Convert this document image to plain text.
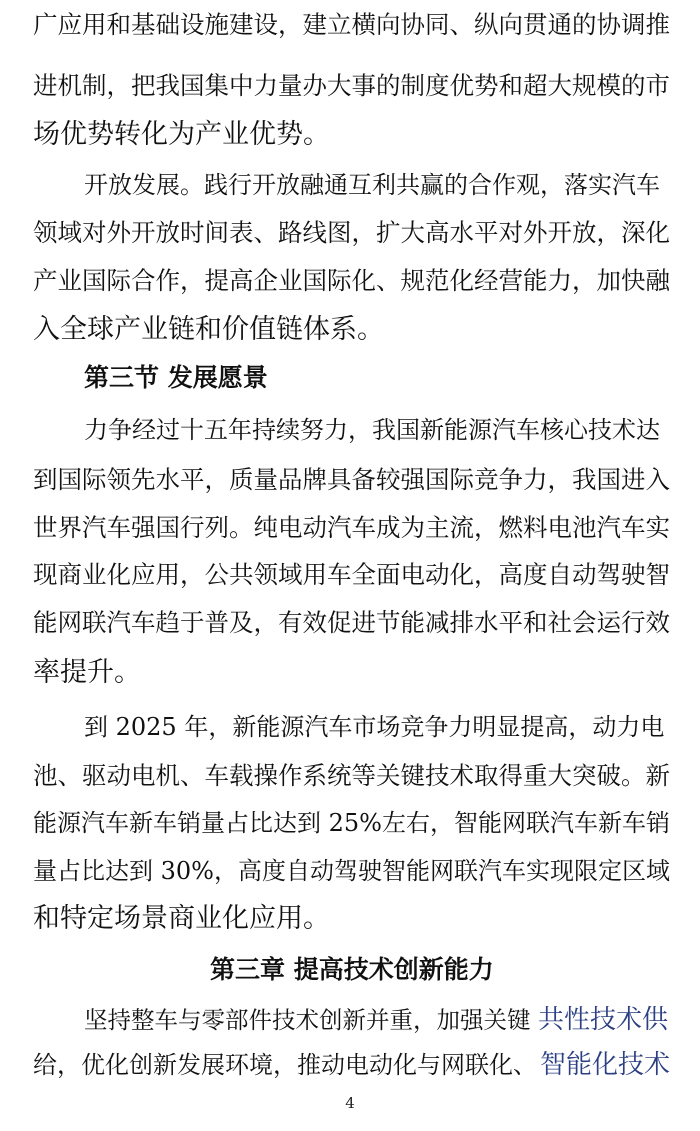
广应用和基础设施建设，建立横向协同、纵向贯通的协调推
进机制，把我国集中力量办大事的制度优势和超大规模的市
场优势转化为产业优势。
开放发展。践行开放融通互利共赢的合作观，落实汽车
领域对外开放时间表、路线图，扩大高水平对外开放，深化
产业国际合作，提高企业国际化、规范化经营能力，加快融
入全球产业链和价值链体系。
第三节 发展愿景
力争经过十五年持续努力，我国新能源汽车核心技术达
到国际领先水平，质量品牌具备较强国际竞争力，我国进入
世界汽车强国行列。纯电动汽车成为主流，燃料电池汽车实
现商业化应用，公共领域用车全面电动化，高度自动驾驶智
能网联汽车趋于普及，有效促进节能减排水平和社会运行效
率提升。
到 2025 年，新能源汽车市场竞争力明显提高，动力电
池、驱动电机、车载操作系统等关键技术取得重大突破。新
能源汽车新车销量占比达到 25%左右，智能网联汽车新车销
量占比达到 30%，高度自动驾驶智能网联汽车实现限定区域
和特定场景商业化应用。
第三章 提高技术创新能力
坚持整车与零部件技术创新并重，加强关键 共性技术供
给，优化创新发展环境，推动电动化与网联化、 智能化技术
4
